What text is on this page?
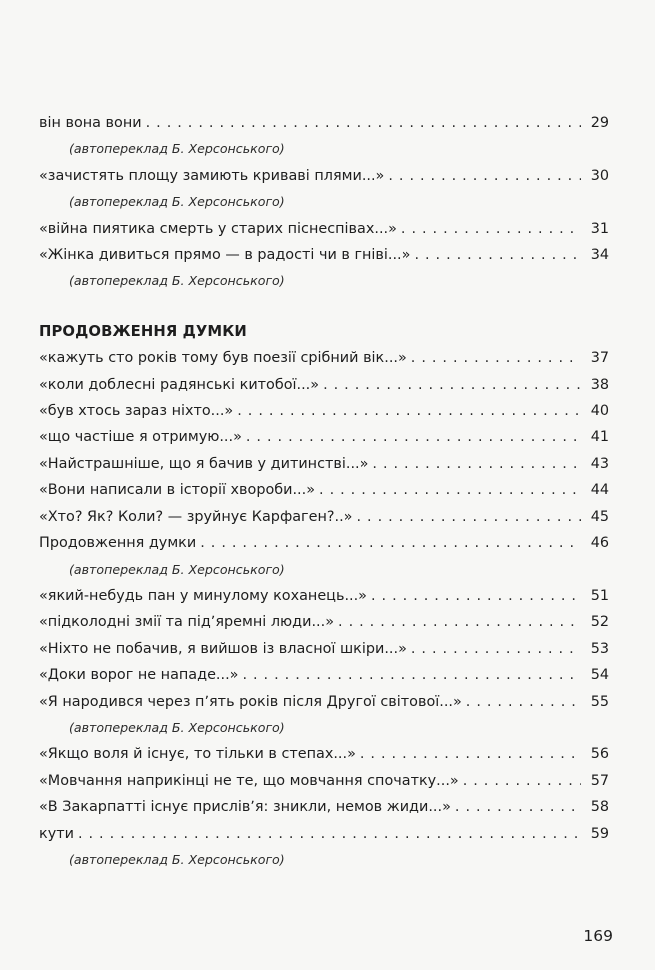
він вона вони . . .	29
(автопереклад Б. Херсонського)
«зачистять площу замиють криваві плями...» . . .	30
(автопереклад Б. Херсонського)
«війна пиятика смерть у старих піснеспівах...» . . .	31
«Жінка дивиться прямо — в радості чи в гніві...» . . .	34
(автопереклад Б. Херсонського)
ПРОДОВЖЕННЯ ДУМКИ
«кажуть сто років тому був поезії срібний вік...» . . .	37
«коли доблесні радянські китобої...» . . .	38
«був хтось зараз ніхто...» . . .	40
«що частіше я отримую...» . . .	41
«Найстрашніше, що я бачив у дитинстві...» . . .	43
«Вони написали в історії хвороби...» . . .	44
«Хто? Як? Коли? — зруйнує Карфаген?..» . . .	45
Продовження думки . . .	46
(автопереклад Б. Херсонського)
«який-небудь пан у минулому коханець...» . . .	51
«підколодні змії та підʼяремні люди...» . . .	52
«Ніхто не побачив, я вийшов із власної шкіри...» . . .	53
«Доки ворог не нападе...» . . .	54
«Я народився через пʼять років після Другої світової...» . . .	55
(автопереклад Б. Херсонського)
«Якщо воля й існує, то тільки в степах...» . . .	56
«Мовчання наприкінці не те, що мовчання спочатку...» . . .	57
«В Закарпатті існує прислівʼя: зникли, немов жиди...» . . .	58
кути . . .	59
(автопереклад Б. Херсонського)
169
